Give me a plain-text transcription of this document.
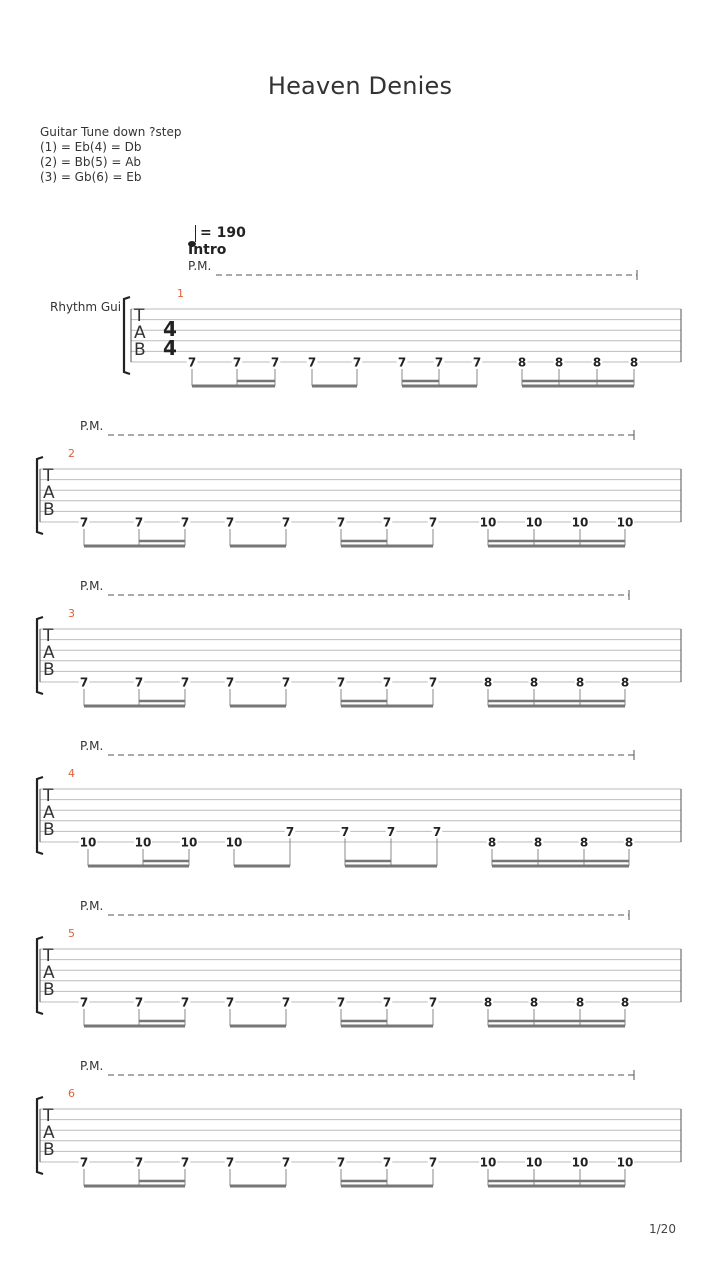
Heaven Denies
Guitar Tune down ?step
(1) = Eb(4) = Db
(2) = Bb(5) = Ab
(3) = Gb(6) = Eb
= 190
Intro
Rhythm Gui
P.M.
1
T
A
B
4
4
7	7 7 7	7	7 7 7	8 8 8 8
P.M.
2
T
A
B
7	7	7	7	7	7	7	7	10 10 10 10
P.M.
3
T
A
B
7	7	7	7	7	7	7	7	8	8	8	8
P.M.
4
T
A
B
10	10 10 10
7	7	7	7
8	8	8	8
P.M.
5
T
A
B
7	7	7	7	7	7	7	7	8	8	8	8
P.M.
6
T
A
B
7	7	7	7	7	7	7	7	10 10 10 10
1/20
